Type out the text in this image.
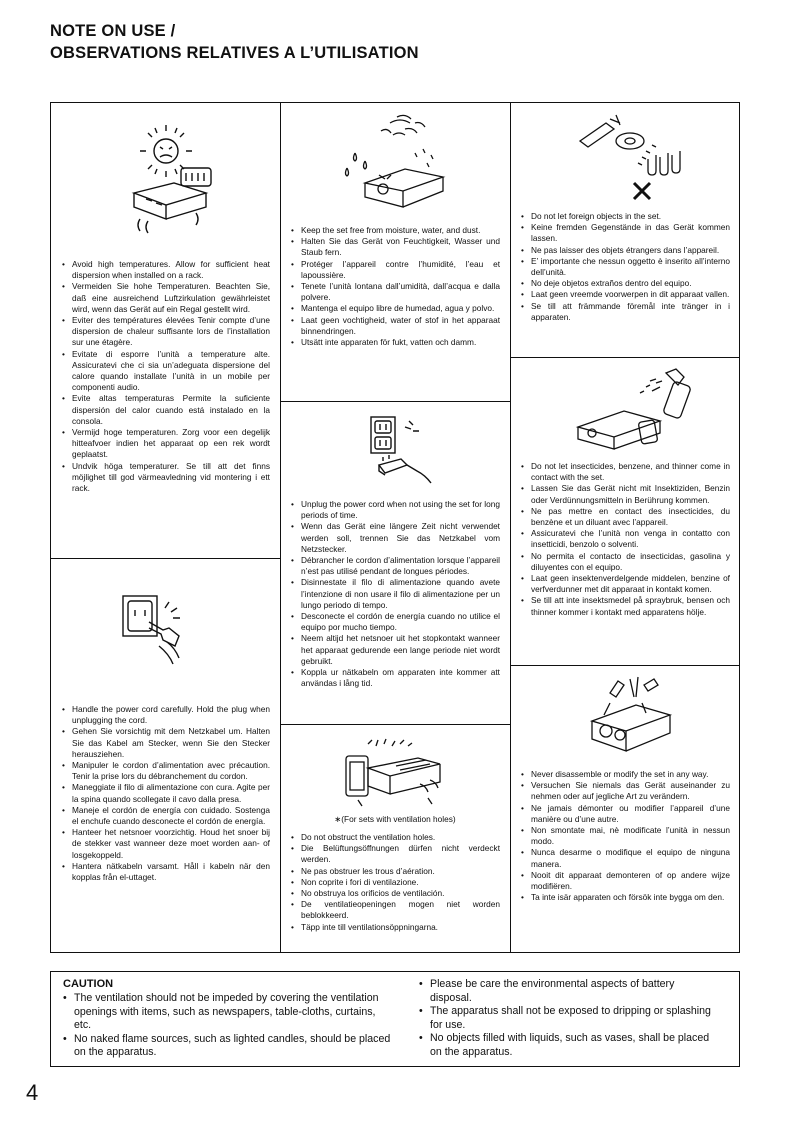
NOTE ON USE /
OBSERVATIONS RELATIVES A L’UTILISATION
• Avoid high temperatures. Allow for sufficient heat dispersion when installed on a rack.
• Vermeiden Sie hohe Temperaturen. Beachten Sie, daß eine ausreichend Luftzirkulation gewährleistet wird, wenn das Gerät auf ein Regal gestellt wird.
• Eviter des températures élevées Tenir compte d’une dispersion de chaleur suffisante lors de l’installation sur une étagère.
• Evitate di esporre l’unità a temperature alte. Assicuratevi che ci sia un’adeguata dispersione del calore quando installate l’unità in un mobile per componenti audio.
• Evite altas temperaturas Permite la suficiente dispersión del calor cuando está instalado en la consola.
• Vermijd hoge temperaturen. Zorg voor een degelijk hitteafvoer indien het apparaat op een rek wordt geplaatst.
• Undvik höga temperaturer. Se till att det finns möjlighet till god värmeavledning vid montering i ett rack.
• Handle the power cord carefully. Hold the plug when unplugging the cord.
• Gehen Sie vorsichtig mit dem Netzkabel um. Halten Sie das Kabel am Stecker, wenn Sie den Stecker herausziehen.
• Manipuler le cordon d’alimentation avec précaution. Tenir la prise lors du débranchement du cordon.
• Maneggiate il filo di alimentazione con cura. Agite per la spina quando scollegate il cavo dalla presa.
• Maneje el cordón de energía con cuidado. Sostenga el enchufe cuando desconecte el cordón de energía.
• Hanteer het netsnoer voorzichtig. Houd het snoer bij de stekker vast wanneer deze moet worden aan- of losgekoppeld.
• Hantera nätkabeln varsamt. Håll i kabeln när den kopplas från el-uttaget.
• Keep the set free from moisture, water, and dust.
• Halten Sie das Gerät von Feuchtigkeit, Wasser und Staub fern.
• Protéger l’appareil contre l’humidité, l’eau et lapoussière.
• Tenete l’unità lontana dall’umidità, dall’acqua e dalla polvere.
• Mantenga el equipo libre de humedad, agua y polvo.
• Laat geen vochtigheid, water of stof in het apparaat binnendringen.
• Utsätt inte apparaten för fukt, vatten och damm.
• Unplug the power cord when not using the set for long periods of time.
• Wenn das Gerät eine längere Zeit nicht verwendet werden soll, trennen Sie das Netzkabel vom Netzstecker.
• Débrancher le cordon d’alimentation lorsque l’appareil n’est pas utilisé pendant de longues périodes.
• Disinnestate il filo di alimentazione quando avete l’intenzione di non usare il filo di alimentazione per un lungo periodo di tempo.
• Desconecte el cordón de energía cuando no utilice el equipo por mucho tiempo.
• Neem altijd het netsnoer uit het stopkontakt wanneer het apparaat gedurende een lange periode niet wordt gebruikt.
• Koppla ur nätkabeln om apparaten inte kommer att användas i lång tid.
∗(For sets with ventilation holes)
• Do not obstruct the ventilation holes.
• Die Belüftungsöffnungen dürfen nicht verdeckt werden.
• Ne pas obstruer les trous d’aération.
• Non coprite i fori di ventilazione.
• No obstruya los orificios de ventilación.
• De ventilatieopeningen mogen niet worden beblokkeerd.
• Täpp inte till ventilationsöppningarna.
• Do not let foreign objects in the set.
• Keine fremden Gegenstände in das Gerät kommen lassen.
• Ne pas laisser des objets étrangers dans l’appareil.
• E’ importante che nessun oggetto è inserito all’interno dell’unità.
• No deje objetos extraños dentro del equipo.
• Laat geen vreemde voorwerpen in dit apparaat vallen.
• Se till att främmande föremål inte tränger in i apparaten.
• Do not let insecticides, benzene, and thinner come in contact with the set.
• Lassen Sie das Gerät nicht mit Insektiziden, Benzin oder Verdünnungsmitteln in Berührung kommen.
• Ne pas mettre en contact des insecticides, du benzène et un diluant avec l’appareil.
• Assicuratevi che l’unità non venga in contatto con insetticidi, benzolo o solventi.
• No permita el contacto de insecticidas, gasolina y diluyentes con el equipo.
• Laat geen insektenverdelgende middelen, benzine of verfverdunner met dit apparaat in kontakt komen.
• Se till att inte insektsmedel på spraybruk, bensen och thinner kommer i kontakt med apparatens hölje.
• Never disassemble or modify the set in any way.
• Versuchen Sie niemals das Gerät auseinander zu nehmen oder auf jegliche Art zu verändern.
• Ne jamais démonter ou modifier l’appareil d’une manière ou d’une autre.
• Non smontate mai, nè modificate l’unità in nessun modo.
• Nunca desarme o modifique el equipo de ninguna manera.
• Nooit dit apparaat demonteren of op andere wijze modifiëren.
• Ta inte isär apparaten och försök inte bygga om den.
CAUTION
• The ventilation should not be impeded by covering the ventilation openings with items, such as newspapers, table-cloths, curtains, etc.
• No naked flame sources, such as lighted candles, should be placed on the apparatus.
• Please be care the environmental aspects of battery disposal.
• The apparatus shall not be exposed to dripping or splashing for use.
• No objects filled with liquids, such as vases, shall be placed on the apparatus.
4
